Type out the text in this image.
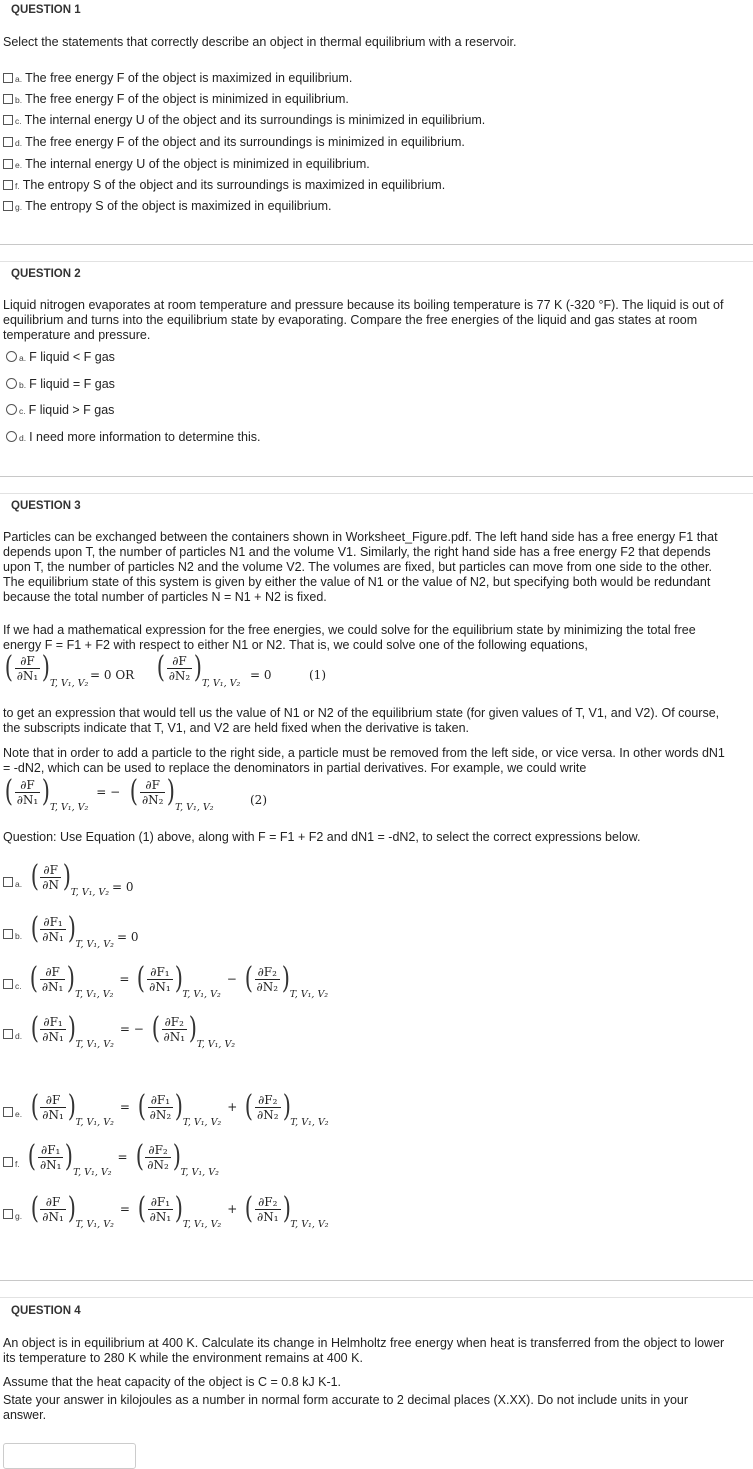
QUESTION 1
Select the statements that correctly describe an object in thermal equilibrium with a reservoir.
a. The free energy F of the object is maximized in equilibrium.
b. The free energy F of the object is minimized in equilibrium.
c. The internal energy U of the object and its surroundings is minimized in equilibrium.
d. The free energy F of the object and its surroundings is minimized in equilibrium.
e. The internal energy U of the object is minimized in equilibrium.
f. The entropy S of the object and its surroundings is maximized in equilibrium.
g. The entropy S of the object is maximized in equilibrium.
QUESTION 2
Liquid nitrogen evaporates at room temperature and pressure because its boiling temperature is 77 K (-320 °F). The liquid is out of equilibrium and turns into the equilibrium state by evaporating. Compare the free energies of the liquid and gas states at room temperature and pressure.
a. F liquid < F gas
b. F liquid = F gas
c. F liquid > F gas
d. I need more information to determine this.
QUESTION 3
Particles can be exchanged between the containers shown in Worksheet_Figure.pdf. The left hand side has a free energy F1 that depends upon T, the number of particles N1 and the volume V1. Similarly, the right hand side has a free energy F2 that depends upon T, the number of particles N2 and the volume V2. The volumes are fixed, but particles can move from one side to the other. The equilibrium state of this system is given by either the value of N1 or the value of N2, but specifying both would be redundant because the total number of particles N = N1 + N2 is fixed.
If we had a mathematical expression for the free energies, we could solve for the equilibrium state by minimizing the total free energy F = F1 + F2 with respect to either N1 or N2. That is, we could solve one of the following equations,
( $\frac{\partial F}{\text{∂N₁}} )T$, V₁, V₂
= 0 OR ( $\frac{\partial F}{\text{∂N₂}} )T$, V₁, V₂
= 0	(1)
to get an expression that would tell us the value of N1 or N2 of the equilibrium state (for given values of T, V1, and V2). Of course, the subscripts indicate that T, V1, and V2 are held fixed when the derivative is taken.
Note that in order to add a particle to the right side, a particle must be removed from the left side, or vice versa. In other words dN1 = -dN2, which can be used to replace the denominators in partial derivatives. For example, we could write
( $\frac{\partial F}{\text{∂N₁}} )T$, V₁, V₂ = − ( $\frac{\partial F}{\text{∂N₂}} )T$, V₁, V₂	(2)
Question: Use Equation (1) above, along with F = F1 + F2 and dN1 = -dN2, to select the correct expressions below.
a. ( $\frac{\partial F}{\partial N} )T$, V₁, V₂ = 0
b. ( $\frac{\text{∂F₁}}{\text{∂N₁}} )T$, V₁, V₂ = 0
c. ( $\frac{\partial F}{\text{∂N₁}} )T$, V₁, V₂ = ( $\frac{\text{∂F₁}}{\text{∂N₁}} )T$, V₁, V₂ − ( $\frac{\text{∂F₂}}{\text{∂N₂}} )T$, V₁, V₂
d. ( $\frac{\text{∂F₁}}{\text{∂N₁}} )T$, V₁, V₂ = − ( $\frac{\text{∂F₂}}{\text{∂N₁}} )T$, V₁, V₂
e. ( $\frac{\partial F}{\text{∂N₁}} )T$, V₁, V₂ = ( $\frac{\text{∂F₁}}{\text{∂N₂}} )T$, V₁, V₂ + ( $\frac{\text{∂F₂}}{\text{∂N₂}} )T$, V₁, V₂
f. ( $\frac{\text{∂F₁}}{\text{∂N₁}} )T$, V₁, V₂ = ( $\frac{\text{∂F₂}}{\text{∂N₂}} )T$, V₁, V₂
g. ( $\frac{\partial F}{\text{∂N₁}} )T$, V₁, V₂ = ( $\frac{\text{∂F₁}}{\text{∂N₁}} )T$, V₁, V₂ + ( $\frac{\text{∂F₂}}{\text{∂N₁}} )T$, V₁, V₂
QUESTION 4
An object is in equilibrium at 400 K. Calculate its change in Helmholtz free energy when heat is transferred from the object to lower its temperature to 280 K while the environment remains at 400 K.
Assume that the heat capacity of the object is C = 0.8 kJ K-1.
State your answer in kilojoules as a number in normal form accurate to 2 decimal places (X.XX). Do not include units in your answer.
